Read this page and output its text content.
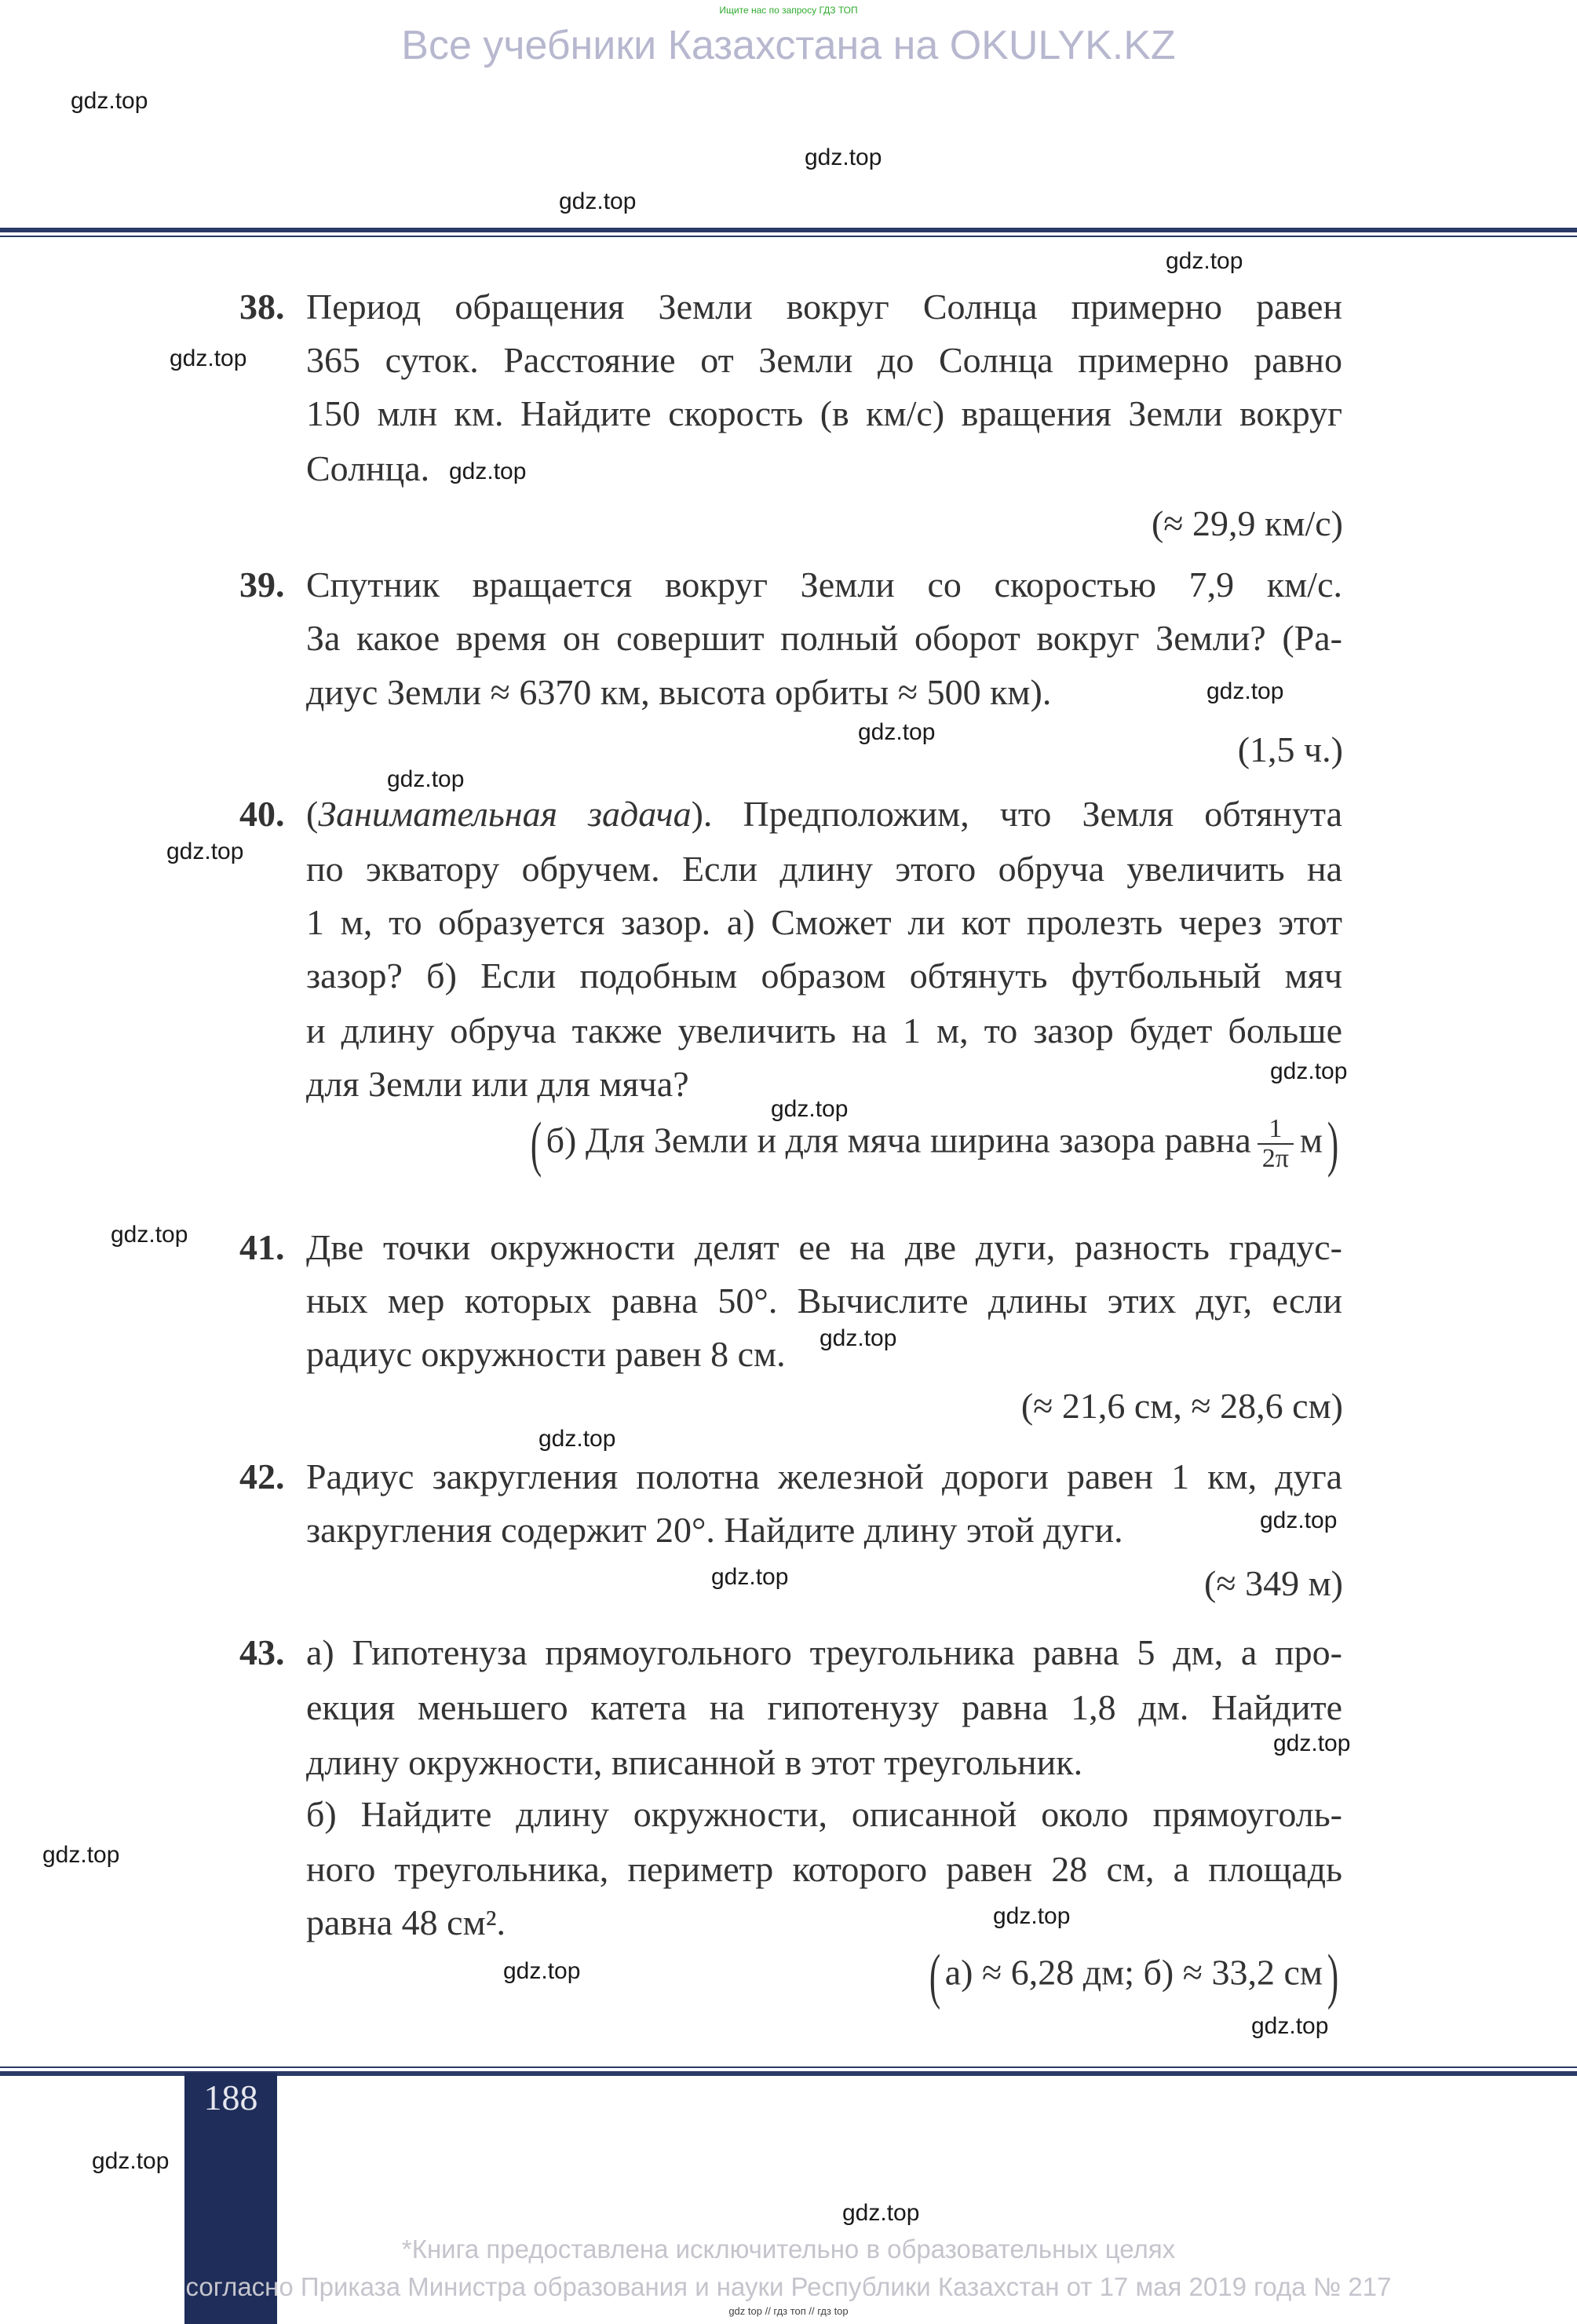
Ищите нас по запросу ГДЗ ТОП
Все учебники Казахстана на OKULYK.KZ
38. Период обращения Земли вокруг Солнца примерно равен
365 суток. Расстояние от Земли до Солнца примерно равно
150 млн км. Найдите скорость (в км/с) вращения Земли вокруг
Солнца.
(≈ 29,9 км/с)
39. Спутник вращается вокруг Земли со скоростью 7,9 км/с.
За какое время он совершит полный оборот вокруг Земли? (Ра-
диус Земли ≈ 6370 км, высота орбиты ≈ 500 км).
(1,5 ч.)
40. (Занимательная задача). Предположим, что Земля обтянута
по экватору обручем. Если длину этого обруча увеличить на
1 м, то образуется зазор. а) Сможет ли кот пролезть через этот
зазор? б) Если подобным образом обтянуть футбольный мяч
и длину обруча также увеличить на 1 м, то зазор будет больше
для Земли или для мяча?
( б) Для Земли и для мяча ширина зазора равна $\frac{1}{2\pi} м$)
41. Две точки окружности делят ее на две дуги, разность градус-
ных мер которых равна 50°. Вычислите длины этих дуг, если
радиус окружности равен 8 см.
(≈ 21,6 см, ≈ 28,6 см)
42. Радиус закругления полотна железной дороги равен 1 км, дуга
закругления содержит 20°. Найдите длину этой дуги.
(≈ 349 м)
43. а) Гипотенуза прямоугольного треугольника равна 5 дм, а про-
екция меньшего катета на гипотенузу равна 1,8 дм. Найдите
длину окружности, вписанной в этот треугольник.
б) Найдите длину окружности, описанной около прямоуголь-
ного треугольника, периметр которого равен 28 см, а площадь
равна 48 см².
( а) ≈ 6,28 дм; б) ≈ 33,2 см)
188
*Книга предоставлена исключительно в образовательных целях
согласно Приказа Министра образования и науки Республики Казахстан от 17 мая 2019 года № 217
gdz top // гдз топ // гдз top
gdz.top
gdz.top
gdz.top
gdz.top
gdz.top
gdz.top
gdz.top
gdz.top
gdz.top
gdz.top
gdz.top
gdz.top
gdz.top
gdz.top
gdz.top
gdz.top
gdz.top
gdz.top
gdz.top
gdz.top
gdz.top
gdz.top
gdz.top
gdz.top
